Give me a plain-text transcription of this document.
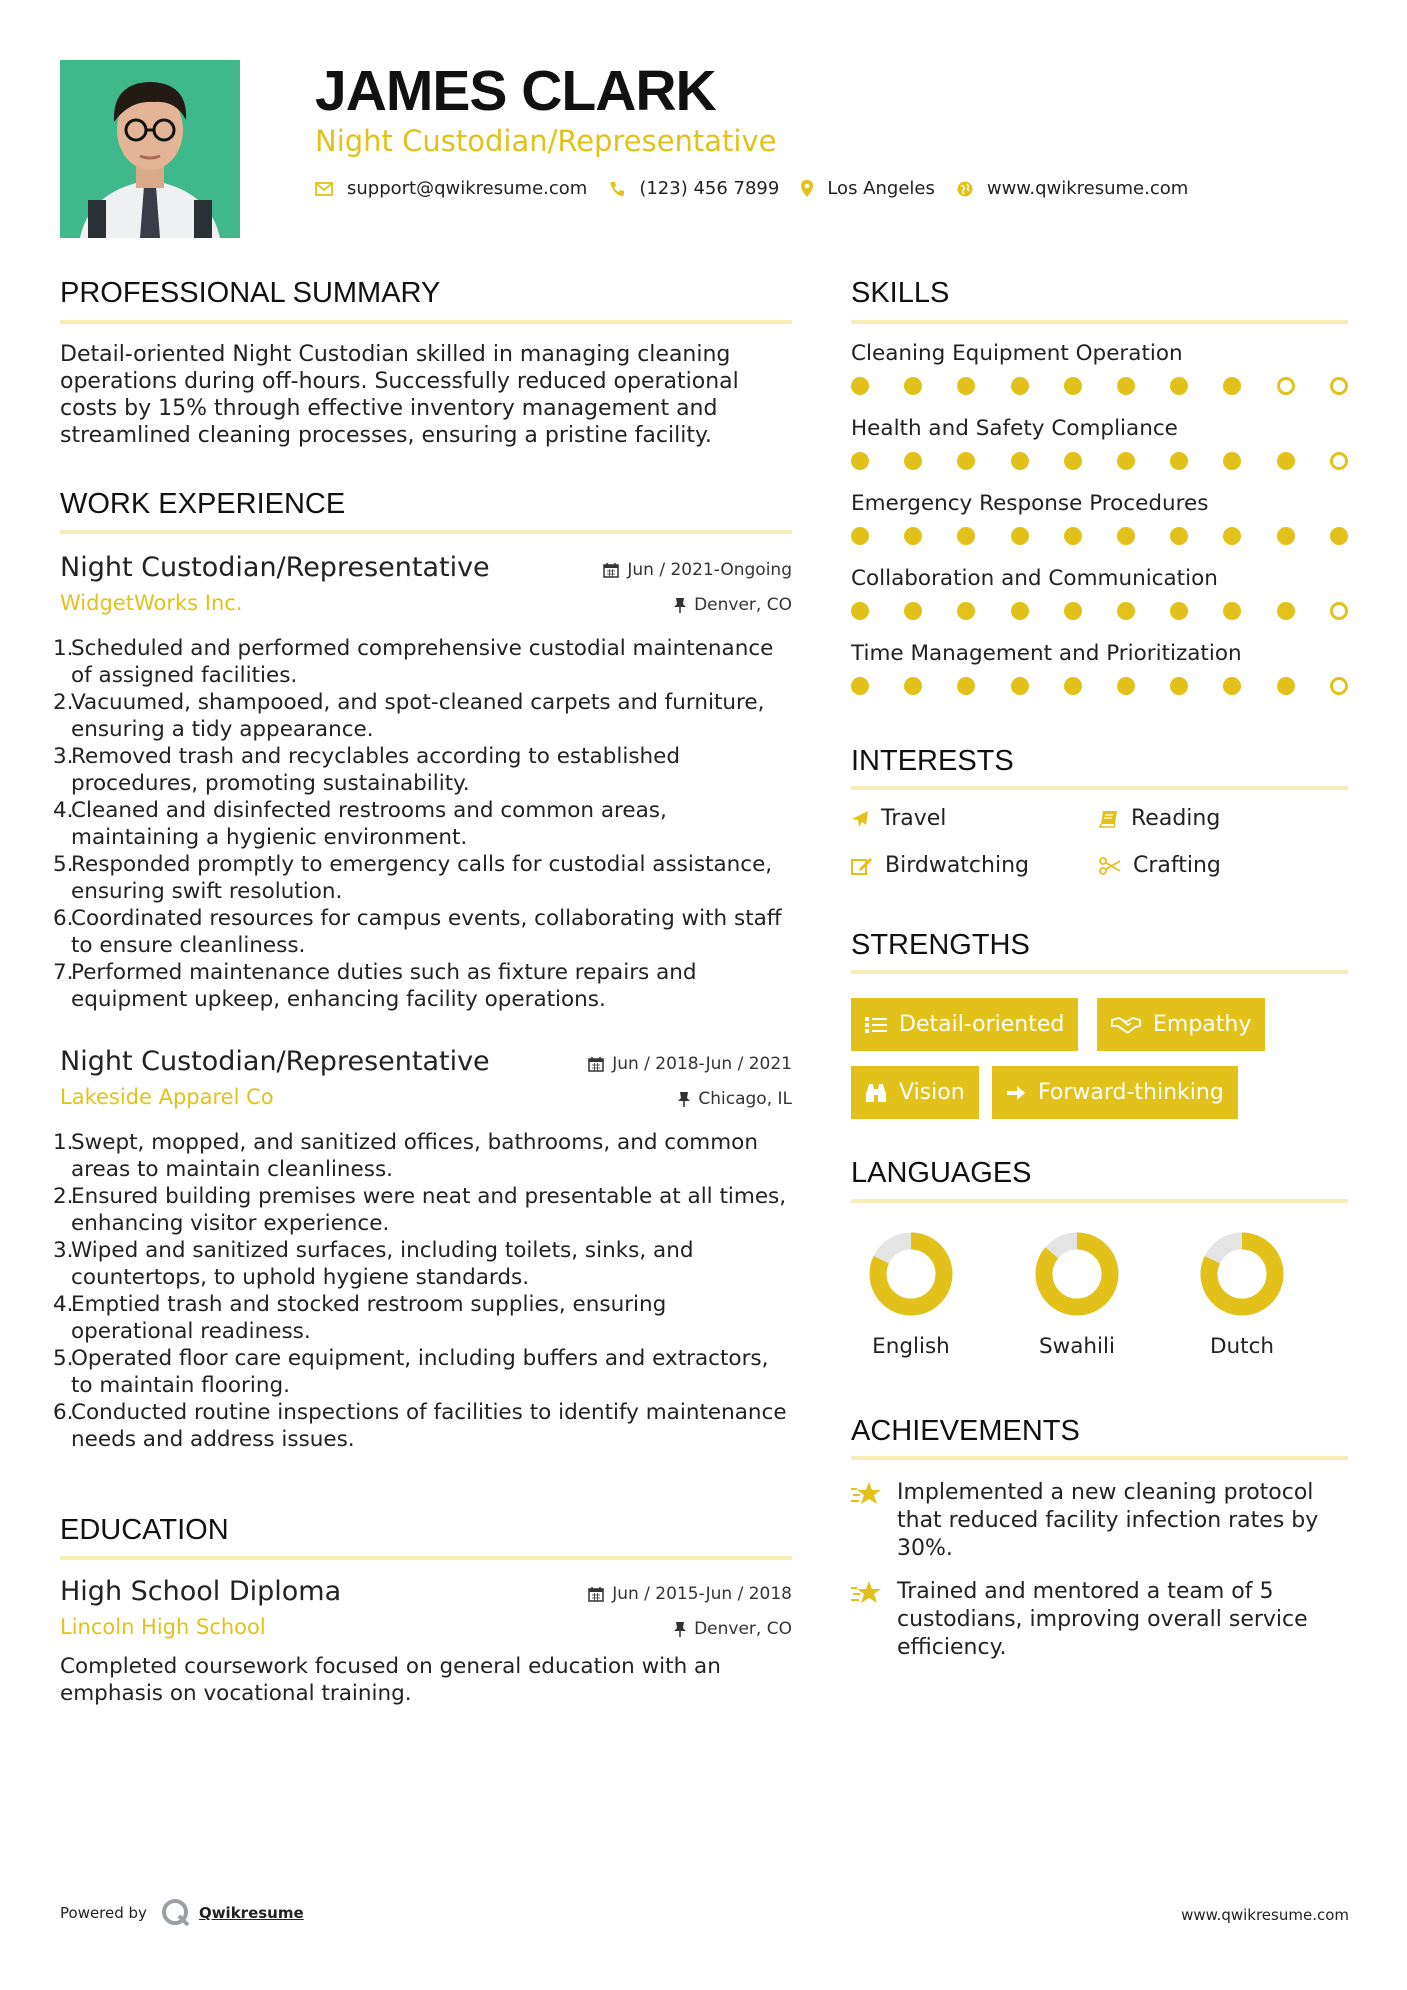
JAMES CLARK
Night Custodian/Representative
support@qwikresume.com	(123) 456 7899	Los Angeles	www.qwikresume.com
PROFESSIONAL SUMMARY
Detail-oriented Night Custodian skilled in managing cleaning operations during off-hours. Successfully reduced operational costs by 15% through effective inventory management and streamlined cleaning processes, ensuring a pristine facility.
WORK EXPERIENCE
Jun / 2021-Ongoing
Denver, CO
Night Custodian/Representative
WidgetWorks Inc.
1.
Scheduled and performed comprehensive custodial maintenance of assigned facilities.
2.
Vacuumed, shampooed, and spot-cleaned carpets and furniture, ensuring a tidy appearance.
3.
Removed trash and recyclables according to established procedures, promoting sustainability.
4.
Cleaned and disinfected restrooms and common areas, maintaining a hygienic environment.
5.
Responded promptly to emergency calls for custodial assistance, ensuring swift resolution.
6.
Coordinated resources for campus events, collaborating with staff to ensure cleanliness.
7.
Performed maintenance duties such as fixture repairs and equipment upkeep, enhancing facility operations.
Jun / 2018-Jun / 2021
Chicago, IL
Night Custodian/Representative
Lakeside Apparel Co
1.
Swept, mopped, and sanitized offices, bathrooms, and common areas to maintain cleanliness.
2.
Ensured building premises were neat and presentable at all times, enhancing visitor experience.
3.
Wiped and sanitized surfaces, including toilets, sinks, and countertops, to uphold hygiene standards.
4.
Emptied trash and stocked restroom supplies, ensuring operational readiness.
5.
Operated floor care equipment, including buffers and extractors, to maintain flooring.
6.
Conducted routine inspections of facilities to identify maintenance needs and address issues.
EDUCATION
Jun / 2015-Jun / 2018
Denver, CO
High School Diploma
Lincoln High School
Completed coursework focused on general education with an emphasis on vocational training.
SKILLS
Cleaning Equipment Operation
Health and Safety Compliance
Emergency Response Procedures
Collaboration and Communication
Time Management and Prioritization
INTERESTS
Travel	Reading
Birdwatching	Crafting
STRENGTHS
Detail-oriented	Empathy
Vision	Forward-thinking
LANGUAGES
English	Swahili	Dutch
ACHIEVEMENTS
Implemented a new cleaning protocol that reduced facility infection rates by 30%.
Trained and mentored a team of 5 custodians, improving overall service efficiency.
Powered by	Qwikresume	www.qwikresume.com
